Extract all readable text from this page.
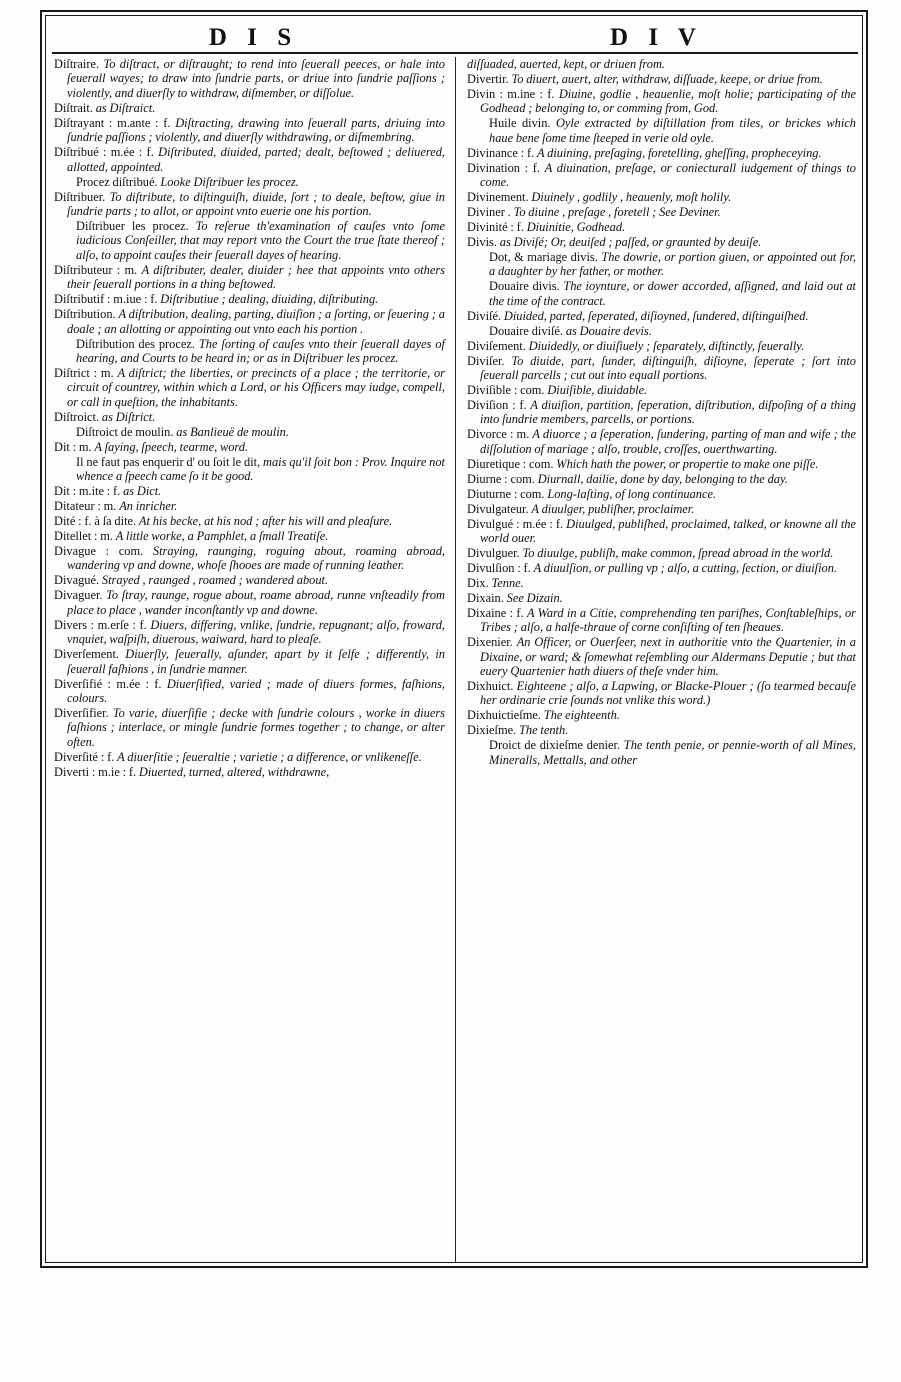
D I S	D I V

Diſtraire. To diſtract, or diſtraught; to rend into ſeuerall peeces, or hale into ſeuerall wayes; to draw into ſundrie parts, or driue into ſundrie paſſions ; violently, and diuerſly to withdraw, diſmember, or diſſolue.

Diſtrait. as Diſtraict.

Diſtrayant : m.ante : f. Diſtracting, drawing into ſeuerall parts, driuing into ſundrie paſſions ; violently, and diuerſly withdrawing, or diſmembring.

Diſtribué : m.ée : f. Diſtributed, diuided, parted; dealt, beſtowed ; deliuered, allotted, appointed.

Procez diſtribué. Looke Diſtribuer les procez.

Diſtribuer. To diſtribute, to diſtinguiſh, diuide, ſort ; to deale, beſtow, giue in ſundrie parts ; to allot, or appoint vnto euerie one his portion.

Diſtribuer les procez. To reſerue th'examination of cauſes vnto ſome iudicious Conſeiller, that may report vnto the Court the true ſtate thereof ; alſo, to appoint cauſes their ſeuerall dayes of hearing.

Diſtributeur : m. A diſtributer, dealer, diuider ; hee that appoints vnto others their ſeuerall portions in a thing beſtowed.

Diſtributif : m.iue : f. Diſtributiue ; dealing, diuiding, diſtributing.

Diſtribution. A diſtribution, dealing, parting, diuiſion ; a ſorting, or ſeuering ; a doale ; an allotting or appointing out vnto each his portion .

Diſtribution des procez. The ſorting of cauſes vnto their ſeuerall dayes of hearing, and Courts to be heard in; or as in Diſtribuer les procez.

Diſtrict : m. A diſtrict; the liberties, or precincts of a place ; the territorie, or circuit of countrey, within which a Lord, or his Officers may iudge, compell, or call in queſtion, the inhabitants.

Diſtroict. as Diſtrict.

Diſtroict de moulin. as Banlieuë de moulin.

Dit : m. A ſaying, ſpeech, tearme, word.

Il ne faut pas enquerir d' ou ſoit le dit, mais qu'il ſoit bon : Prov. Inquire not whence a ſpeech came ſo it be good.

Dit : m.ite : f. as Dict.

Ditateur : m. An inricher.

Dité : f. à ſa dite. At his becke, at his nod ; after his will and pleaſure.

Ditellet : m. A little worke, a Pamphlet, a ſmall Treatiſe.

Divague : com. Straying, raunging, roguing about, roaming abroad, wandering vp and downe, whoſe ſhooes are made of running leather.

Divagué. Strayed , raunged , roamed ; wandered about.

Divaguer. To ſtray, raunge, rogue about, roame abroad, runne vnſteadily from place to place , wander inconſtantly vp and downe.

Divers : m.erſe : f. Diuers, differing, vnlike, ſundrie, repugnant; alſo, froward, vnquiet, waſpiſh, diuerous, waiward, hard to pleaſe.

Diverſement. Diuerſly, ſeuerally, aſunder, apart by it ſelfe ; differently, in ſeuerall faſhions , in ſundrie manner.

Diverſifié : m.ée : f. Diuerſified, varied ; made of diuers formes, faſhions, colours.

Diverſifier. To varie, diuerſifie ; decke with ſundrie colours , worke in diuers faſhions ; interlace, or mingle ſundrie formes together ; to change, or alter often.

Diverſité : f. A diuerſitie ; ſeueraltie ; varietie ; a difference, or vnlikeneſſe.

Diverti : m.ie : f. Diuerted, turned, altered, withdrawne,

diſſuaded, auerted, kept, or driuen from.

Divertir. To diuert, auert, alter, withdraw, diſſuade, keepe, or driue from.

Divin : m.ine : f. Diuine, godlie , heauenlie, moſt holie; participating of the Godhead ; belonging to, or comming from, God.

Huile divin. Oyle extracted by diſtillation from tiles, or brickes which haue bene ſome time ſteeped in verie old oyle.

Divinance : f. A diuining, preſaging, foretelling, gheſſing, propheceying.

Divination : f. A diuination, preſage, or coniecturall iudgement of things to come.

Divinement. Diuinely , godlily , heauenly, moſt holily.

Diviner . To diuine , preſage , foretell ; See Deviner.

Divinité : f. Diuinitie, Godhead.

Divis. as Diviſé; Or, deuiſed ; paſſed, or graunted by deuiſe.

Dot, & mariage divis. The dowrie, or portion giuen, or appointed out for, a daughter by her father, or mother.

Douaire divis. The ioynture, or dower accorded, aſſigned, and laid out at the time of the contract.

Diviſé. Diuided, parted, ſeperated, diſioyned, ſundered, diſtinguiſhed.

Douaire diviſé. as Douaire devis.

Diviſement. Diuidedly, or diuiſiuely ; ſeparately, diſtinctly, ſeuerally.

Diviſer. To diuide, part, ſunder, diſtinguiſh, diſioyne, ſeperate ; ſort into ſeuerall parcells ; cut out into equall portions.

Diviſible : com. Diuiſible, diuidable.

Diviſion : f. A diuiſion, partition, ſeperation, diſtribution, diſpoſing of a thing into ſundrie members, parcells, or portions.

Divorce : m. A diuorce ; a ſeperation, ſundering, parting of man and wife ; the diſſolution of mariage ; alſo, trouble, croſſes, ouerthwarting.

Diuretique : com. Which hath the power, or propertie to make one piſſe.

Diurne : com. Diurnall, dailie, done by day, belonging to the day.

Diuturne : com. Long-laſting, of long continuance.

Divulgateur. A diuulger, publiſher, proclaimer.

Divulgué : m.ée : f. Diuulged, publiſhed, proclaimed, talked, or knowne all the world ouer.

Divulguer. To diuulge, publiſh, make common, ſpread abroad in the world.

Divulſion : f. A diuulſion, or pulling vp ; alſo, a cutting, ſection, or diuiſion.

Dix. Tenne.

Dixain. See Dizain.

Dixaine : f. A Ward in a Citie, comprehending ten pariſhes, Conſtableſhips, or Tribes ; alſo, a halfe-thraue of corne conſiſting of ten ſheaues.

Dixenier. An Officer, or Ouerſeer, next in authoritie vnto the Quartenier, in a Dixaine, or ward; & ſomewhat reſembling our Aldermans Deputie ; but that euery Quartenier hath diuers of theſe vnder him.

Dixhuict. Eighteene ; alſo, a Lapwing, or Blacke-Plouer ; (ſo tearmed becauſe her ordinarie crie ſounds not vnlike this word.)

Dixhuictieſme. The eighteenth.

Dixieſme. The tenth.

Droict de dixieſme denier. The tenth penie, or pennie-worth of all Mines, Mineralls, Mettalls, and other
